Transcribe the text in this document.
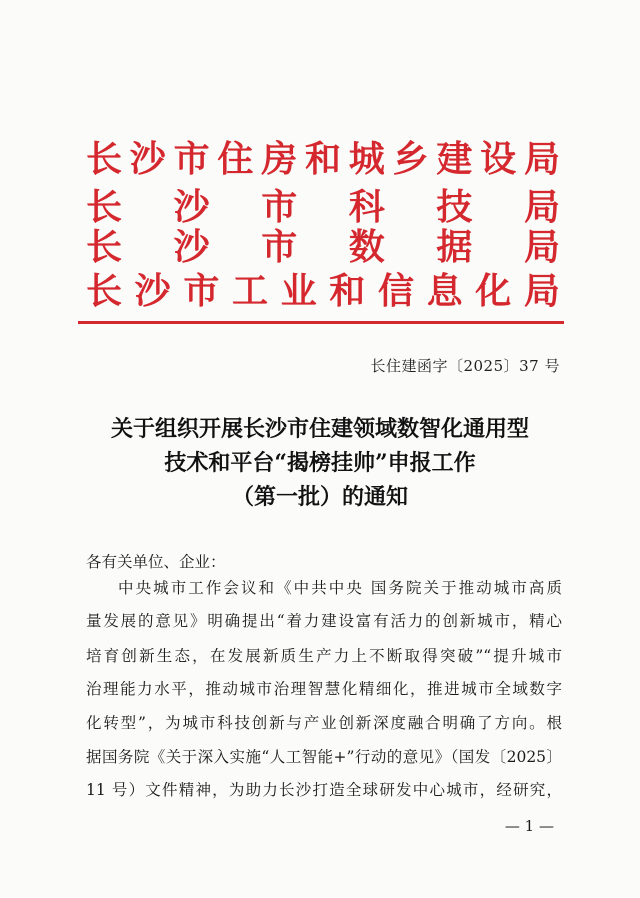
长 沙 市 住 房 和 城 乡 建 设 局
长 沙 市 科 技 局
长 沙 市 数 据 局
长 沙 市 工 业 和 信 息 化 局
长住建函字〔2025〕37 号
关于组织开展长沙市住建领域数智化通用型
技术和平台“揭榜挂帅”申报工作
（第一批）的通知
各有关单位、企业：
中央城市工作会议和《中共中央 国务院关于推动城市高质
量发展的意见》明确提出“着力建设富有活力的创新城市，精心
培育创新生态，在发展新质生产力上不断取得突破”“提升城市
治理能力水平，推动城市治理智慧化精细化，推进城市全域数字
化转型”，为城市科技创新与产业创新深度融合明确了方向。根
据国务院《关于深入实施“人工智能+”行动的意见》（国发〔2025〕
11 号）文件精神，为助力长沙打造全球研发中心城市，经研究，
— 1 —
